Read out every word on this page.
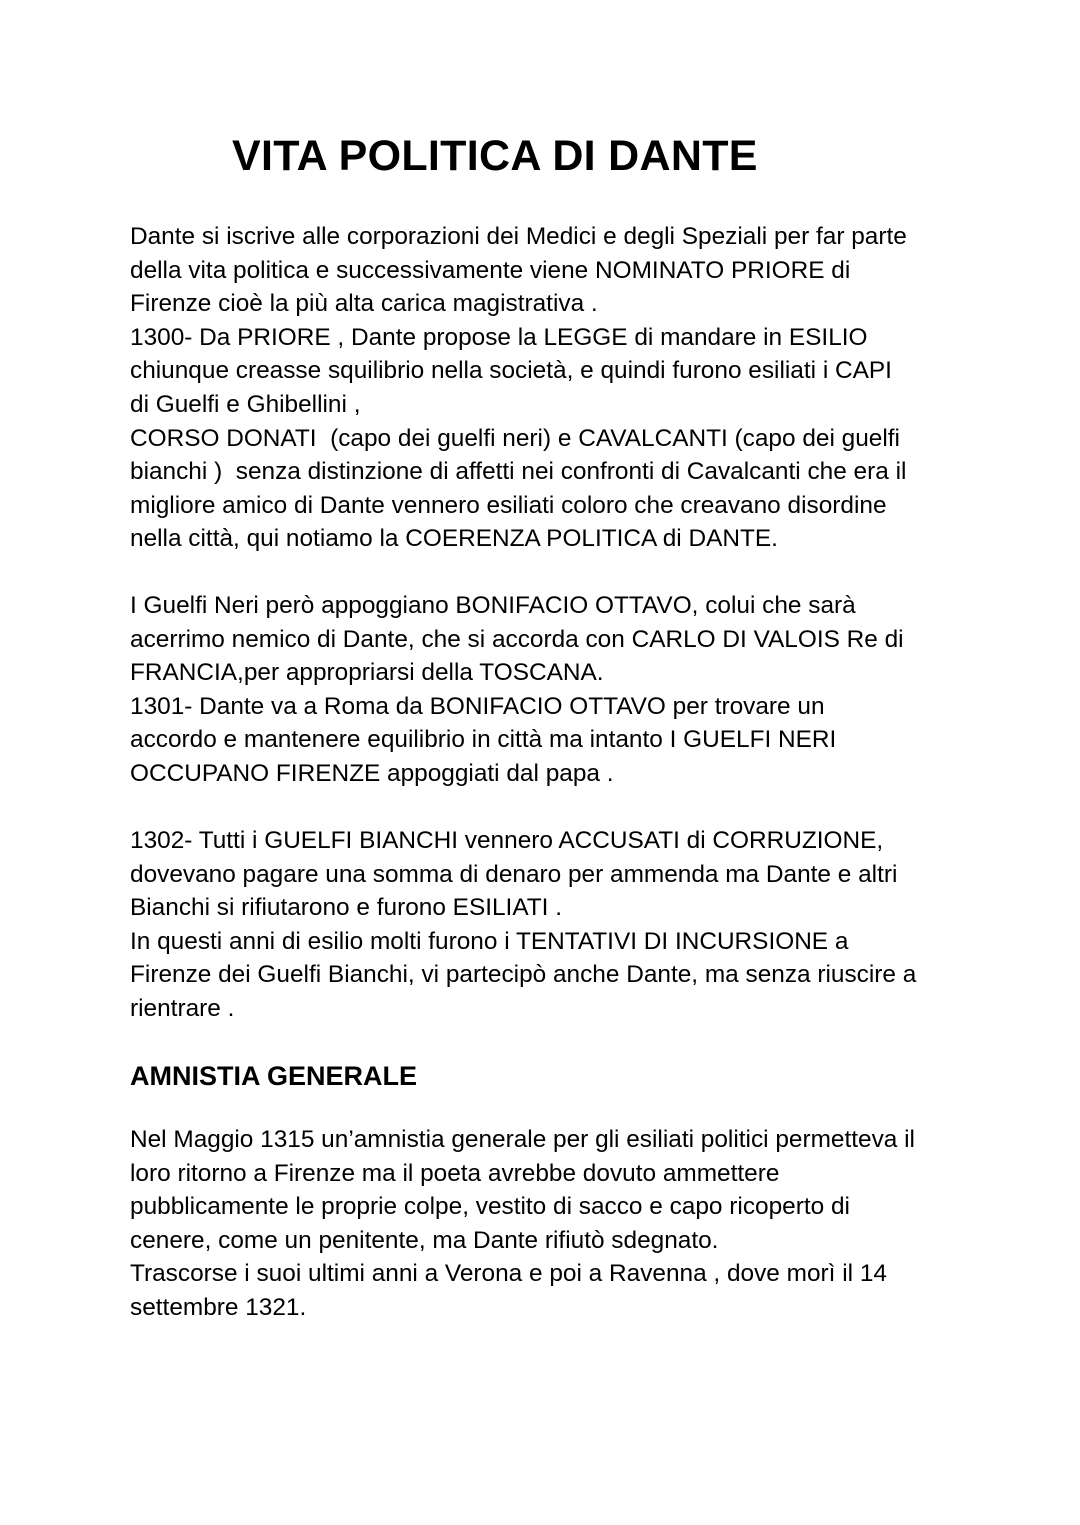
VITA POLITICA DI DANTE
Dante si iscrive alle corporazioni dei Medici e degli Speziali per far parte
della vita politica e successivamente viene NOMINATO PRIORE di
Firenze cioè la più alta carica magistrativa .
1300- Da PRIORE , Dante propose la LEGGE di mandare in ESILIO
chiunque creasse squilibrio nella società, e quindi furono esiliati i CAPI
di Guelfi e Ghibellini ,
CORSO DONATI  (capo dei guelfi neri) e CAVALCANTI (capo dei guelfi
bianchi )  senza distinzione di affetti nei confronti di Cavalcanti che era il
migliore amico di Dante vennero esiliati coloro che creavano disordine
nella città, qui notiamo la COERENZA POLITICA di DANTE.
I Guelfi Neri però appoggiano BONIFACIO OTTAVO, colui che sarà
acerrimo nemico di Dante, che si accorda con CARLO DI VALOIS Re di
FRANCIA,per appropriarsi della TOSCANA.
1301- Dante va a Roma da BONIFACIO OTTAVO per trovare un
accordo e mantenere equilibrio in città ma intanto I GUELFI NERI
OCCUPANO FIRENZE appoggiati dal papa .
1302- Tutti i GUELFI BIANCHI vennero ACCUSATI di CORRUZIONE,
dovevano pagare una somma di denaro per ammenda ma Dante e altri
Bianchi si rifiutarono e furono ESILIATI .
In questi anni di esilio molti furono i TENTATIVI DI INCURSIONE a
Firenze dei Guelfi Bianchi, vi partecipò anche Dante, ma senza riuscire a
rientrare .
AMNISTIA GENERALE
Nel Maggio 1315 un’amnistia generale per gli esiliati politici permetteva il
loro ritorno a Firenze ma il poeta avrebbe dovuto ammettere
pubblicamente le proprie colpe, vestito di sacco e capo ricoperto di
cenere, come un penitente, ma Dante rifiutò sdegnato.
Trascorse i suoi ultimi anni a Verona e poi a Ravenna , dove morì il 14
settembre 1321.
